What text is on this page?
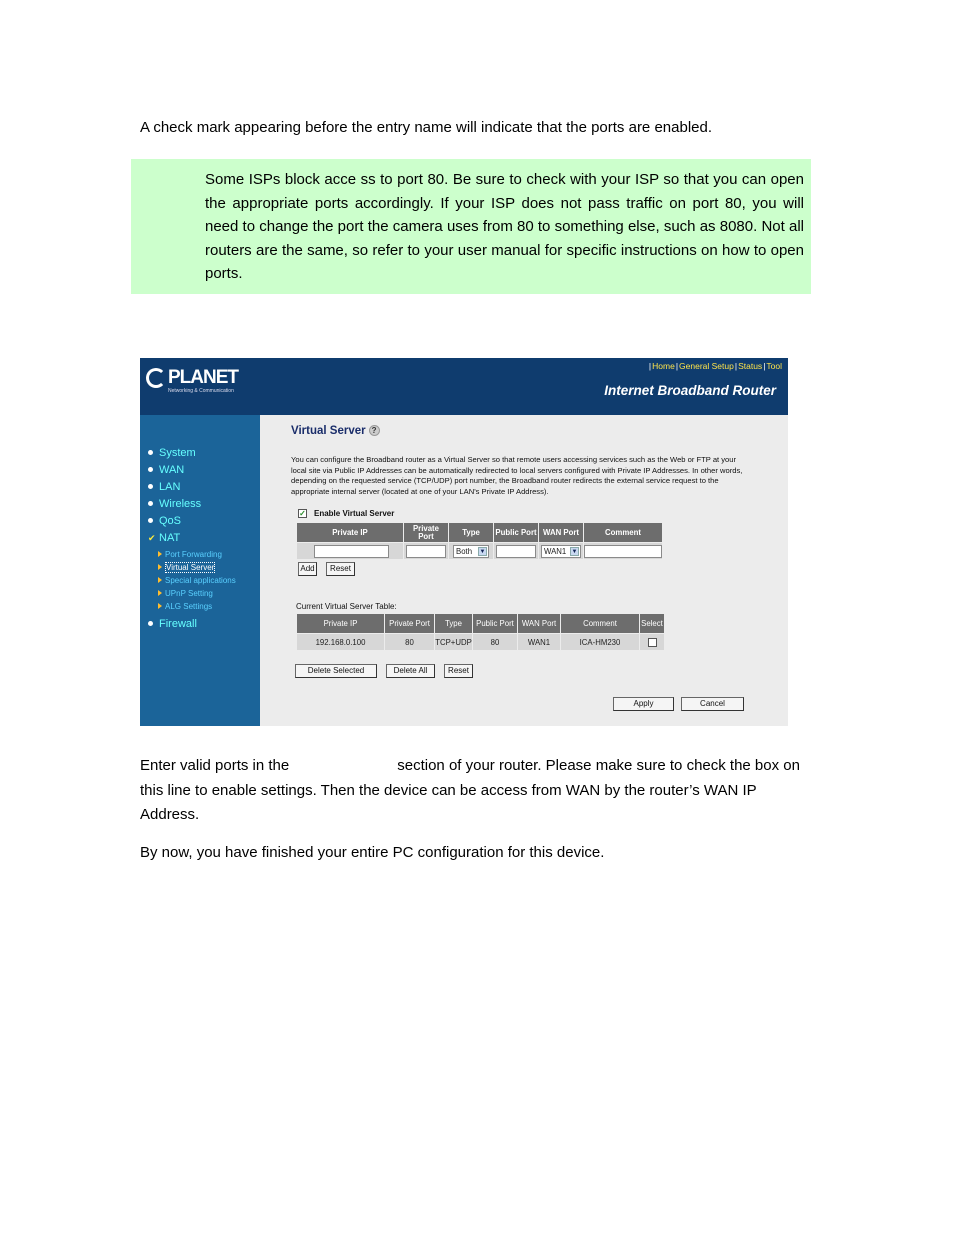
A check mark appearing before the entry name will indicate that the ports are enabled.

Some ISPs block acce ss to port 80. Be sure to check with your ISP so that you can open the appropriate ports accordingly. If your ISP does not pass traffic on port 80, you will need to change the port the camera uses from 80 to something else, such as 8080. Not all routers are the same, so refer to your user manual for specific instructions on how to open ports.

PLANET
Networking & Communication
|Home|General Setup|Status|Tool
Internet Broadband Router
System
WAN
LAN
Wireless
QoS
✔ NAT
Port Forwarding
Virtual Server
Special applications
UPnP Setting
ALG Settings
Firewall
Virtual Server ?

You can configure the Broadband router as a Virtual Server so that remote users accessing services such as the Web or FTP at your local site via Public IP Addresses can be automatically redirected to local servers configured with Private IP Addresses. In other words, depending on the requested service (TCP/UDP) port number, the Broadband router redirects the external service request to the appropriate internal server (located at one of your LAN's Private IP Address).

✓ Enable Virtual Server
Private IP	Private Port	Type	Public Port	WAN Port	Comment
		Both ▼		WAN1 ▼	

Add	Reset
Current Virtual Server Table:
Private IP	Private Port	Type	Public Port	WAN Port	Comment	Select
192.168.0.100	80	TCP+UDP	80	WAN1	ICA-HM230	
Delete Selected	Delete All	Reset
Apply	Cancel

Enter valid ports in the	section of your router. Please make sure to check the box on this line to enable settings. Then the device can be access from WAN by the router’s WAN IP Address.

By now, you have finished your entire PC configuration for this device.
